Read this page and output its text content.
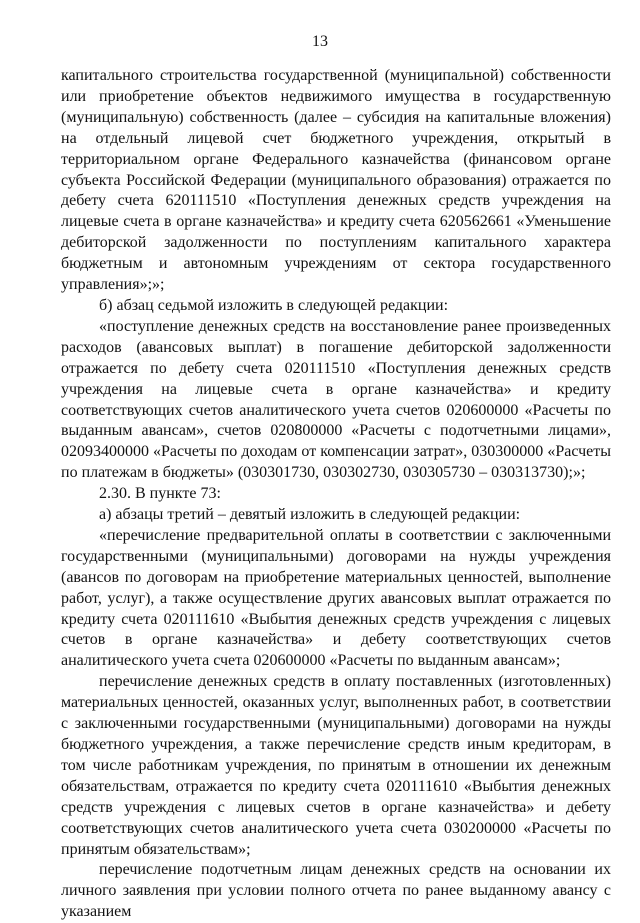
13

капитального строительства государственной (муниципальной) собственности или приобретение объектов недвижимого имущества в государственную (муниципальную) собственность (далее – субсидия на капитальные вложения) на отдельный лицевой счет бюджетного учреждения, открытый в территориальном органе Федерального казначейства (финансовом органе субъекта Российской Федерации (муниципального образования) отражается по дебету счета 620111510 «Поступления денежных средств учреждения на лицевые счета в органе казначейства» и кредиту счета 620562661 «Уменьшение дебиторской задолженности по поступлениям капитального характера бюджетным и автономным учреждениям от сектора государственного управления»;»;

б) абзац седьмой изложить в следующей редакции:

«поступление денежных средств на восстановление ранее произведенных расходов (авансовых выплат) в погашение дебиторской задолженности отражается по дебету счета 020111510 «Поступления денежных средств учреждения на лицевые счета в органе казначейства» и кредиту соответствующих счетов аналитического учета счетов 020600000 «Расчеты по выданным авансам», счетов 020800000 «Расчеты с подотчетными лицами», 02093400000 «Расчеты по доходам от компенсации затрат», 030300000 «Расчеты по платежам в бюджеты» (030301730, 030302730, 030305730 – 030313730);»;

2.30. В пункте 73:

а) абзацы третий – девятый изложить в следующей редакции:

«перечисление предварительной оплаты в соответствии с заключенными государственными (муниципальными) договорами на нужды учреждения (авансов по договорам на приобретение материальных ценностей, выполнение работ, услуг), а также осуществление других авансовых выплат отражается по кредиту счета 020111610 «Выбытия денежных средств учреждения с лицевых счетов в органе казначейства» и дебету соответствующих счетов аналитического учета счета 020600000 «Расчеты по выданным авансам»;

перечисление денежных средств в оплату поставленных (изготовленных) материальных ценностей, оказанных услуг, выполненных работ, в соответствии с заключенными государственными (муниципальными) договорами на нужды бюджетного учреждения, а также перечисление средств иным кредиторам, в том числе работникам учреждения, по принятым в отношении их денежным обязательствам, отражается по кредиту счета 020111610 «Выбытия денежных средств учреждения с лицевых счетов в органе казначейства» и дебету соответствующих счетов аналитического учета счета 030200000 «Расчеты по принятым обязательствам»;

перечисление подотчетным лицам денежных средств на основании их личного заявления при условии полного отчета по ранее выданному авансу с указанием
